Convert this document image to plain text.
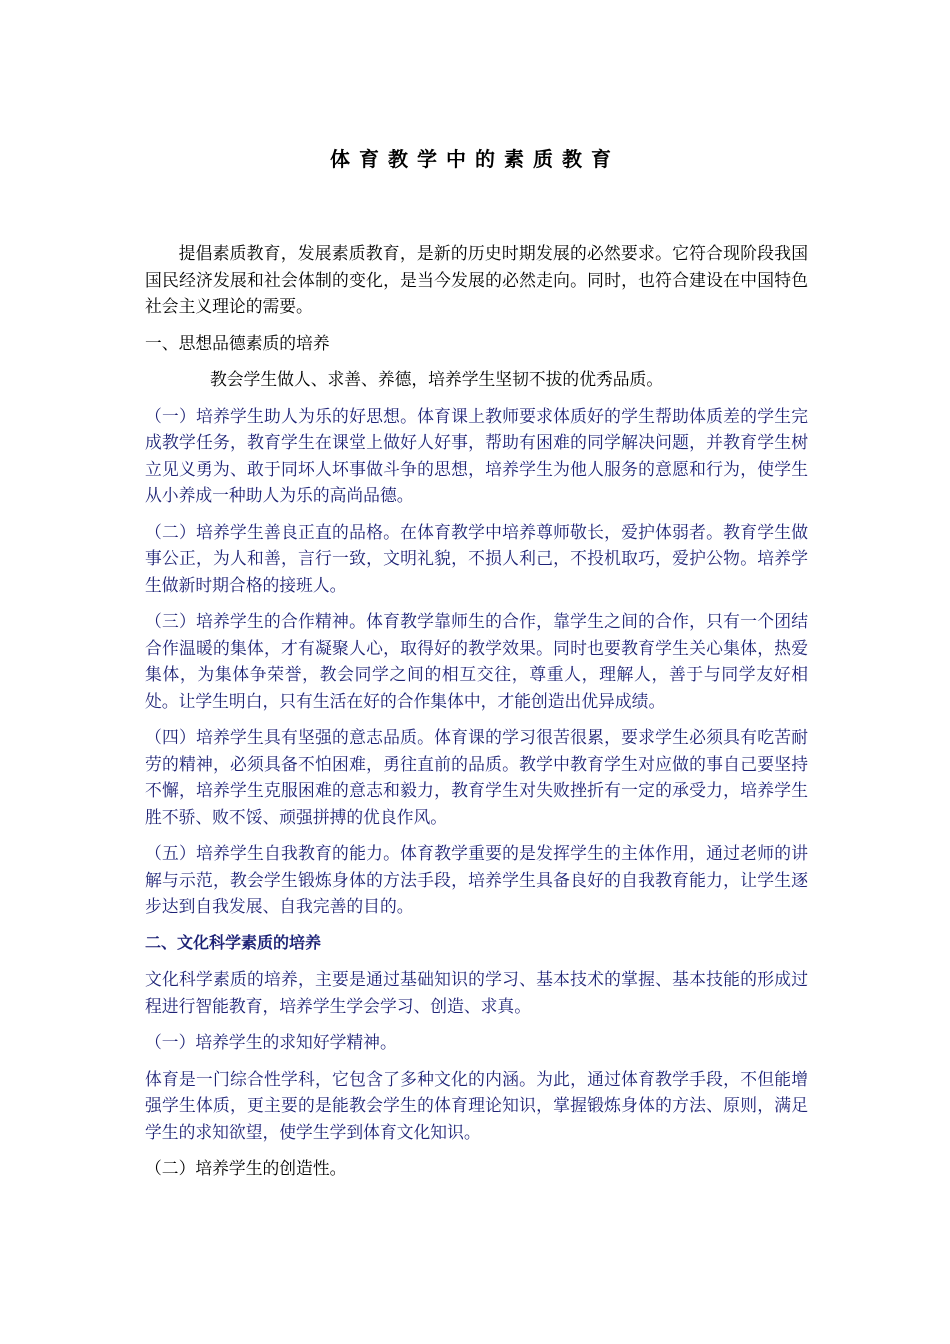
体育教学中的素质教育

提倡素质教育，发展素质教育，是新的历史时期发展的必然要求。它符合现阶段我国国民经济发展和社会体制的变化，是当今发展的必然走向。同时，也符合建设在中国特色社会主义理论的需要。

一、思想品德素质的培养

教会学生做人、求善、养德，培养学生坚韧不拔的优秀品质。

（一）培养学生助人为乐的好思想。体育课上教师要求体质好的学生帮助体质差的学生完成教学任务，教育学生在课堂上做好人好事，帮助有困难的同学解决问题，并教育学生树立见义勇为、敢于同坏人坏事做斗争的思想，培养学生为他人服务的意愿和行为，使学生从小养成一种助人为乐的高尚品德。

（二）培养学生善良正直的品格。在体育教学中培养尊师敬长，爱护体弱者。教育学生做事公正，为人和善，言行一致，文明礼貌，不损人利己，不投机取巧，爱护公物。培养学生做新时期合格的接班人。

（三）培养学生的合作精神。体育教学靠师生的合作，靠学生之间的合作，只有一个团结合作温暖的集体，才有凝聚人心，取得好的教学效果。同时也要教育学生关心集体，热爱集体，为集体争荣誉，教会同学之间的相互交往，尊重人，理解人，善于与同学友好相处。让学生明白，只有生活在好的合作集体中，才能创造出优异成绩。

（四）培养学生具有坚强的意志品质。体育课的学习很苦很累，要求学生必须具有吃苦耐劳的精神，必须具备不怕困难，勇往直前的品质。教学中教育学生对应做的事自己要坚持不懈，培养学生克服困难的意志和毅力，教育学生对失败挫折有一定的承受力，培养学生胜不骄、败不馁、顽强拼搏的优良作风。

（五）培养学生自我教育的能力。体育教学重要的是发挥学生的主体作用，通过老师的讲解与示范，教会学生锻炼身体的方法手段，培养学生具备良好的自我教育能力，让学生逐步达到自我发展、自我完善的目的。

二、文化科学素质的培养

文化科学素质的培养，主要是通过基础知识的学习、基本技术的掌握、基本技能的形成过程进行智能教育，培养学生学会学习、创造、求真。

（一）培养学生的求知好学精神。

体育是一门综合性学科，它包含了多种文化的内涵。为此，通过体育教学手段，不但能增强学生体质，更主要的是能教会学生的体育理论知识，掌握锻炼身体的方法、原则，满足学生的求知欲望，使学生学到体育文化知识。

（二）培养学生的创造性。
